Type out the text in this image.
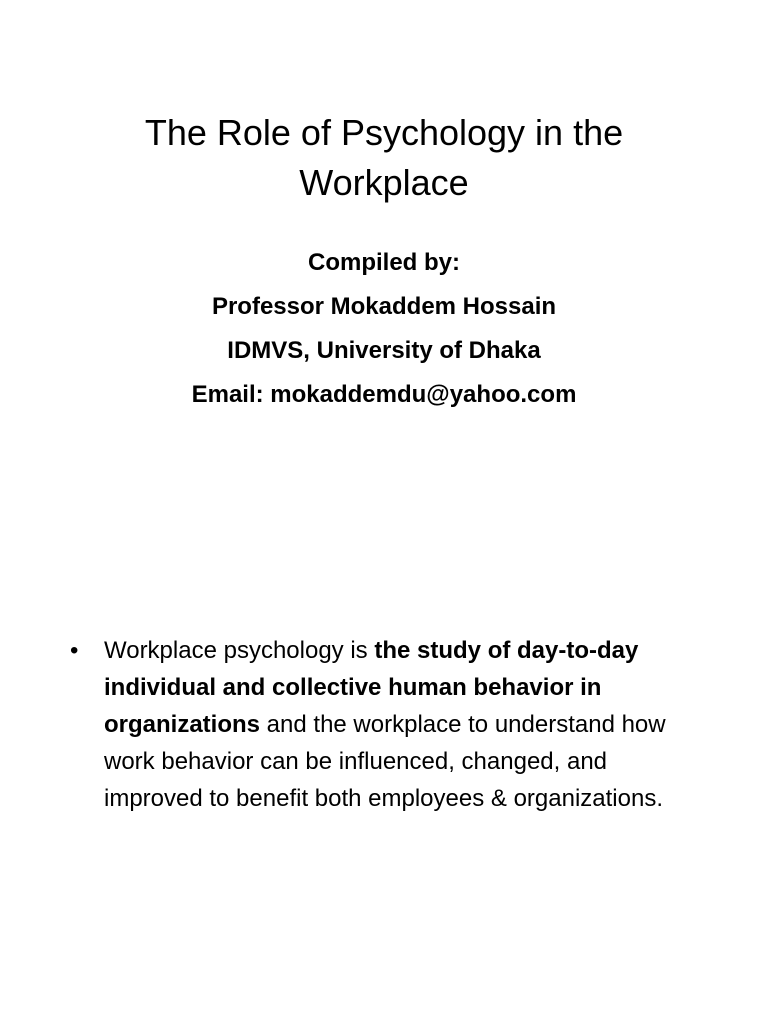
The Role of Psychology in the Workplace
Compiled by:
Professor Mokaddem Hossain
IDMVS, University of Dhaka
Email: mokaddemdu@yahoo.com
•	Workplace psychology is the study of day-to-day individual and collective human behavior in organizations and the workplace to understand how work behavior can be influenced, changed, and improved to benefit both employees & organizations.
